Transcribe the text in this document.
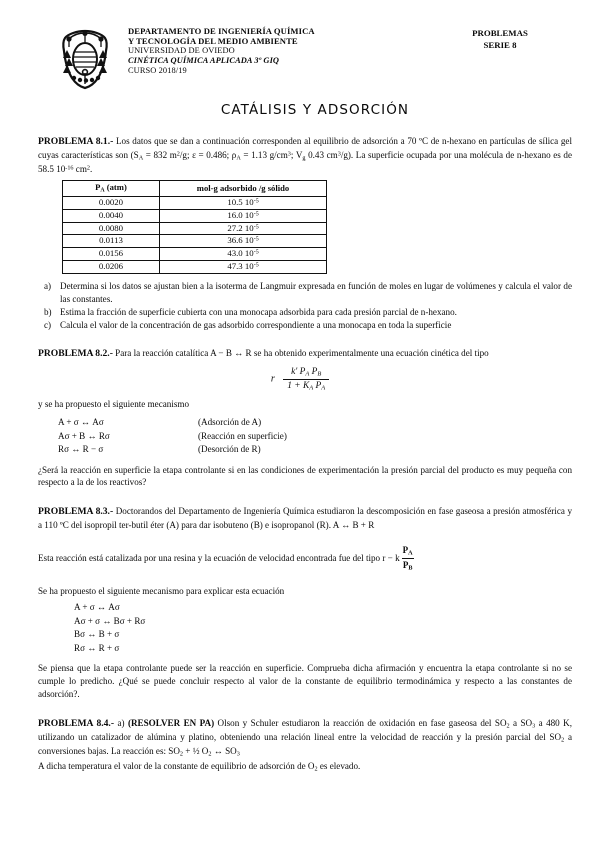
DEPARTAMENTO DE INGENIERÍA QUÍMICA
Y TECNOLOGÍA DEL MEDIO AMBIENTE
UNIVERSIDAD DE OVIEDO
CINÉTICA QUÍMICA APLICADA 3º GIQ
CURSO 2018/19
PROBLEMAS
SERIE 8
CATÁLISIS Y ADSORCIÓN
PROBLEMA 8.1.- Los datos que se dan a continuación corresponden al equilibrio de adsorción a 70 ºC de n-hexano en partículas de sílica gel cuyas características son ($S_A = 832$ $m^2/g$; ε = 0.486; $\rho_A = 1.13$ $g/cm^3$; $V_g$ 0.43 $cm^3/g$). La superficie ocupada por una molécula de n-hexano es de 58.5 $10^{-16}$ $cm^2$.
$P_A$ (atm)	mol-g adsorbido /g sólido
0.0020	10.5 $10^{-5}$
0.0040	16.0 $10^{-5}$
0.0080	27.2 $10^{-5}$
0.0113	36.6 $10^{-5}$
0.0156	43.0 $10^{-5}$
0.0206	47.3 $10^{-5}$
a) Determina si los datos se ajustan bien a la isoterma de Langmuir expresada en función de moles en lugar de volúmenes y calcula el valor de las constantes.
b) Estima la fracción de superficie cubierta con una monocapa adsorbida para cada presión parcial de n-hexano.
c) Calcula el valor de la concentración de gas adsorbido correspondiente a una monocapa en toda la superficie
PROBLEMA 8.2.- Para la reacción catalítica A − B ↔ R se ha obtenido experimentalmente una ecuación cinética del tipo
r $\frac{k' P_A P_B}{1 + K_A P_A}$
y se ha propuesto el siguiente mecanismo
A + σ ↔ Aσ	(Adsorción de A)
Aσ + B ↔ Rσ	(Reacción en superficie)
Rσ ↔ R − σ	(Desorción de R)
¿Será la reacción en superficie la etapa controlante si en las condiciones de experimentación la presión parcial del producto es muy pequeña con respecto a la de los reactivos?
PROBLEMA 8.3.- Doctorandos del Departamento de Ingeniería Química estudiaron la descomposición en fase gaseosa a presión atmosférica y a 110 ºC del isopropil ter-butil éter (A) para dar isobuteno (B) e isopropanol (R). A ↔ B + R
Esta reacción está catalizada por una resina y la ecuación de velocidad encontrada fue del tipo r − k $\frac{P_A}{P_B}$
Se ha propuesto el siguiente mecanismo para explicar esta ecuación
A + σ ↔ Aσ
Aσ + σ ↔ Bσ + Rσ
Bσ ↔ B + σ
Rσ ↔ R + σ
Se piensa que la etapa controlante puede ser la reacción en superficie. Comprueba dicha afirmación y encuentra la etapa controlante si no se cumple lo predicho. ¿Qué se puede concluir respecto al valor de la constante de equilibrio termodinámica y respecto a las constantes de adsorción?.
PROBLEMA 8.4.- a) (RESOLVER EN PA) Olson y Schuler estudiaron la reacción de oxidación en fase gaseosa del $SO_2$ a $SO_3$ a 480 K, utilizando un catalizador de alúmina y platino, obteniendo una relación lineal entre la velocidad de reacción y la presión parcial del $SO_2$ a conversiones bajas. La reacción es: $SO_2$ + ½ $O_2$ ↔ $SO_3$
A dicha temperatura el valor de la constante de equilibrio de adsorción de $O_2$ es elevado.
